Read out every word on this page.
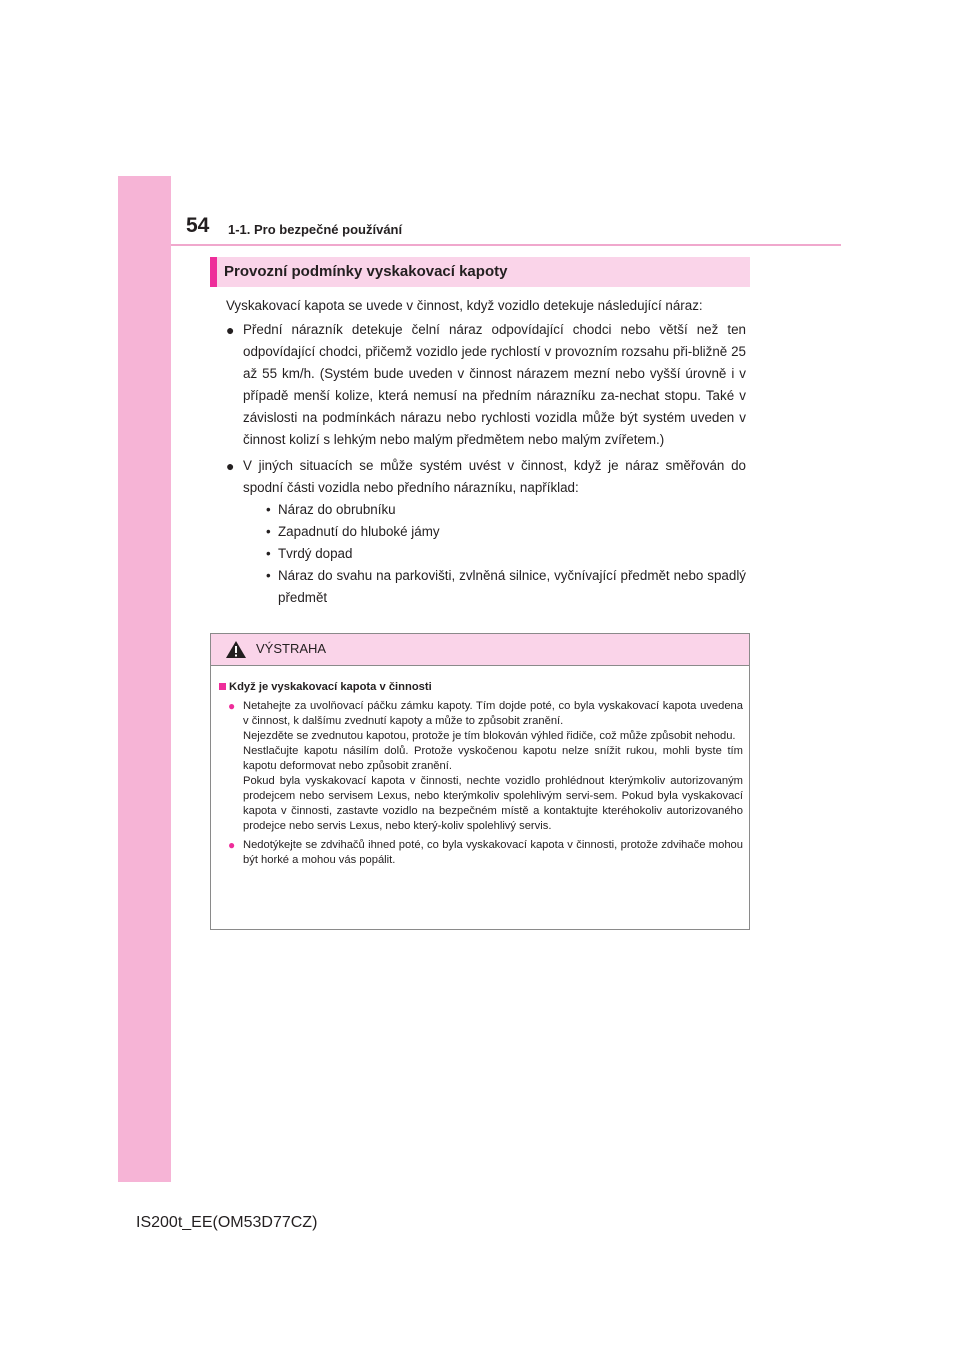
54 1-1. Pro bezpečné používání
Provozní podmínky vyskakovací kapoty

Vyskakovací kapota se uvede v činnost, když vozidlo detekuje následující náraz:

● Přední nárazník detekuje čelní náraz odpovídající chodci nebo větší než ten odpovídající chodci, přičemž vozidlo jede rychlostí v provozním rozsahu při-bližně 25 až 55 km/h. (Systém bude uveden v činnost nárazem mezní nebo vyšší úrovně i v případě menší kolize, která nemusí na předním nárazníku za-nechat stopu. Také v závislosti na podmínkách nárazu nebo rychlosti vozidla může být systém uveden v činnost kolizí s lehkým nebo malým předmětem nebo malým zvířetem.)
● V jiných situacích se může systém uvést v činnost, když je náraz směřován do spodní části vozidla nebo předního nárazníku, například:
• Náraz do obrubníku
• Zapadnutí do hluboké jámy
• Tvrdý dopad
• Náraz do svahu na parkovišti, zvlněná silnice, vyčnívající předmět nebo spadlý předmět
VÝSTRAHA
Když je vyskakovací kapota v činnosti
● Netahejte za uvolňovací páčku zámku kapoty. Tím dojde poté, co byla vyskakovací kapota uvedena v činnost, k dalšímu zvednutí kapoty a může to způsobit zranění.

Nejezděte se zvednutou kapotou, protože je tím blokován výhled řidiče, což může způsobit nehodu.

Nestlačujte kapotu násilím dolů. Protože vyskočenou kapotu nelze snížit rukou, mohli byste tím kapotu deformovat nebo způsobit zranění.

Pokud byla vyskakovací kapota v činnosti, nechte vozidlo prohlédnout kterýmkoliv autorizovaným prodejcem nebo servisem Lexus, nebo kterýmkoliv spolehlivým servi-sem. Pokud byla vyskakovací kapota v činnosti, zastavte vozidlo na bezpečném místě a kontaktujte kteréhokoliv autorizovaného prodejce nebo servis Lexus, nebo který-koliv spolehlivý servis.

● Nedotýkejte se zdvihačů ihned poté, co byla vyskakovací kapota v činnosti, protože zdvihače mohou být horké a mohou vás popálit.

IS200t_EE(OM53D77CZ)
